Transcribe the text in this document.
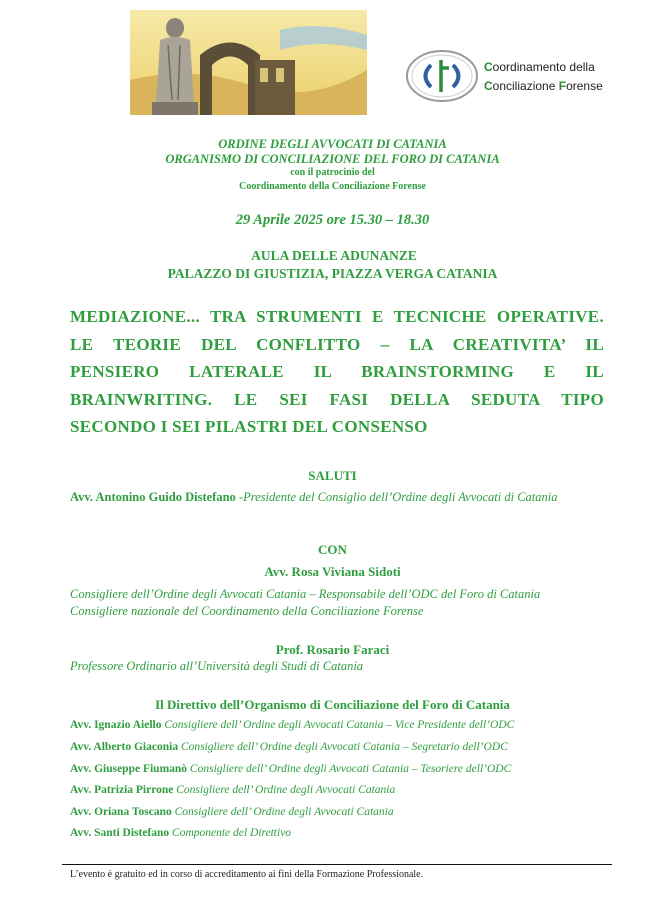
Coordinamento della
Conciliazione Forense
ORDINE DEGLI AVVOCATI DI CATANIA
ORGANISMO DI CONCILIAZIONE DEL FORO DI CATANIA
con il patrocinio del
Coordinamento della Conciliazione Forense
29 Aprile 2025 ore 15.30 – 18.30
AULA DELLE ADUNANZE
PALAZZO DI GIUSTIZIA, PIAZZA VERGA CATANIA
MEDIAZIONE... TRA STRUMENTI E TECNICHE OPERATIVE.
LE TEORIE DEL CONFLITTO – LA CREATIVITA’ IL
PENSIERO LATERALE IL BRAINSTORMING E IL
BRAINWRITING. LE SEI FASI DELLA SEDUTA TIPO
SECONDO I SEI PILASTRI DEL CONSENSO
SALUTI
Avv. Antonino Guido Distefano -Presidente del Consiglio dell’Ordine degli Avvocati di Catania
CON
Avv. Rosa Viviana Sidoti
Consigliere dell’Ordine degli Avvocati Catania – Responsabile dell’ODC del Foro di Catania
Consigliere nazionale del Coordinamento della Conciliazione Forense
Prof. Rosario Faraci
Professore Ordinario all’Università degli Studi di Catania
Il Direttivo dell’Organismo di Conciliazione del Foro di Catania
Avv. Ignazio Aiello Consigliere dell’ Ordine degli Avvocati Catania – Vice Presidente dell’ODC
Avv. Alberto Giaconia Consigliere dell’ Ordine degli Avvocati Catania – Segretario dell’ODC
Avv. Giuseppe Fiumanò Consigliere dell’ Ordine degli Avvocati Catania – Tesoriere dell’ODC
Avv. Patrizia Pirrone Consigliere dell’ Ordine degli Avvocati Catania
Avv. Oriana Toscano Consigliere dell’ Ordine degli Avvocati Catania
Avv. Santi Distefano Componente del Direttivo
L’evento è gratuito ed in corso di accreditamento ai fini della Formazione Professionale.
